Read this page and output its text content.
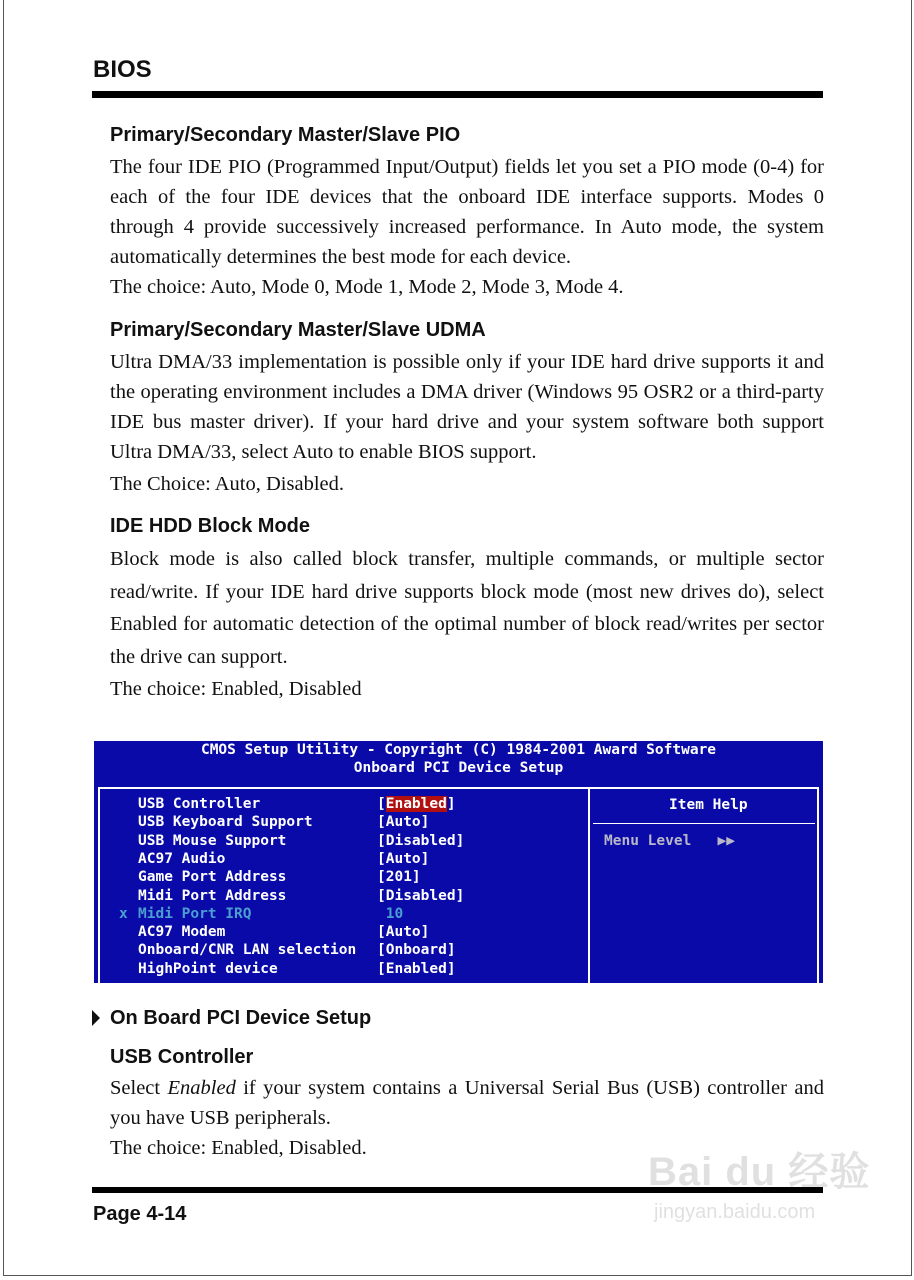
BIOS
Primary/Secondary Master/Slave PIO

The four IDE PIO (Programmed Input/Output) fields let you set a PIO mode (0-4) for each of the four IDE devices that the onboard IDE interface supports. Modes 0 through 4 provide successively increased performance. In Auto mode, the system automatically determines the best mode for each device.

The choice: Auto, Mode 0, Mode 1, Mode 2, Mode 3, Mode 4.

Primary/Secondary Master/Slave UDMA

Ultra DMA/33 implementation is possible only if your IDE hard drive supports it and the operating environment includes a DMA driver (Windows 95 OSR2 or a third-party IDE bus master driver). If your hard drive and your system software both support Ultra DMA/33, select Auto to enable BIOS support.

The Choice: Auto, Disabled.

IDE HDD Block Mode

Block mode is also called block transfer, multiple commands, or multiple sector read/write. If your IDE hard drive supports block mode (most new drives do), select Enabled for automatic detection of the optimal number of block read/writes per sector the drive can support.

The choice: Enabled, Disabled

CMOS Setup Utility - Copyright (C) 1984-2001 Award Software
Onboard PCI Device Setup
Item Help
Menu Level   ▶▶
USB Controller	[Enabled]
USB Keyboard Support	[Auto]
USB Mouse Support	[Disabled]
AC97 Audio	[Auto]
Game Port Address	[201]
Midi Port Address	[Disabled]
x Midi Port IRQ	10
AC97 Modem	[Auto]
Onboard/CNR LAN selection [Onboard]
HighPoint device	[Enabled]
On Board PCI Device Setup
USB Controller

Select Enabled if your system contains a Universal Serial Bus (USB) controller and you have USB peripherals.

The choice: Enabled, Disabled.

Page 4-14
Bai du 经验
jingyan.baidu.com
